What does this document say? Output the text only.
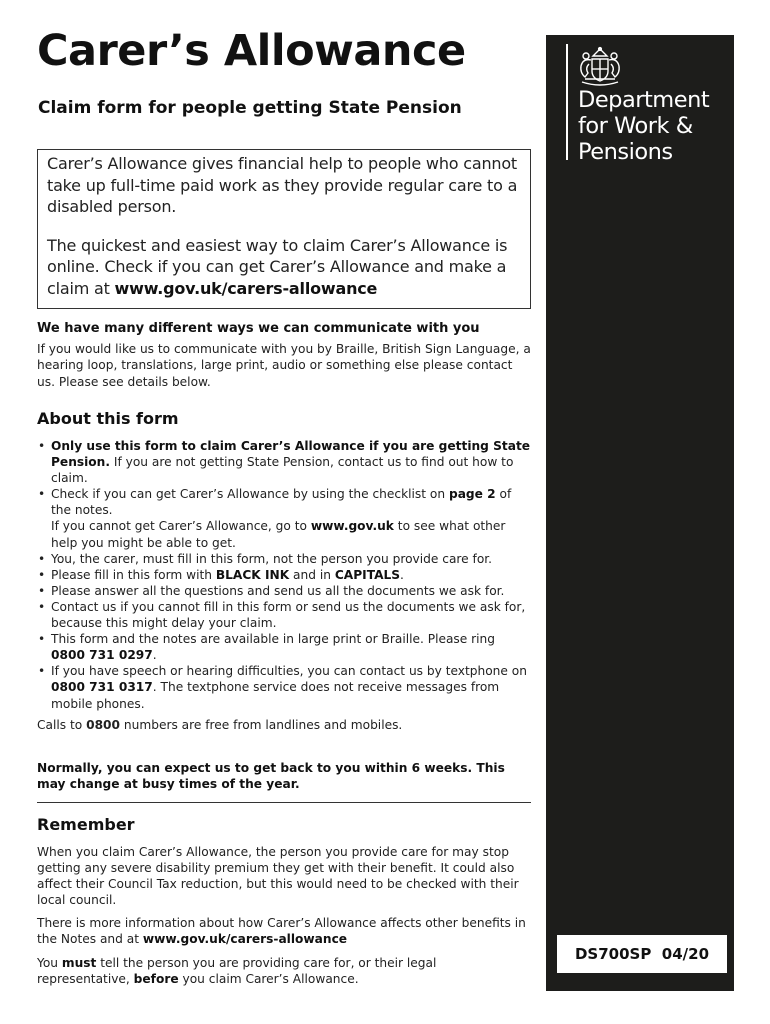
Carer’s Allowance
Claim form for people getting State Pension

Carer’s Allowance gives financial help to people who cannot take up full-time paid work as they provide regular care to a disabled person.

The quickest and easiest way to claim Carer’s Allowance is online. Check if you can get Carer’s Allowance and make a claim at www.gov.uk/carers-allowance

We have many different ways we can communicate with you

If you would like us to communicate with you by Braille, British Sign Language, a hearing loop, translations, large print, audio or something else please contact us. Please see details below.

About this form
• Only use this form to claim Carer’s Allowance if you are getting State Pension. If you are not getting State Pension, contact us to find out how to claim.
• Check if you can get Carer’s Allowance by using the checklist on page 2 of the notes.
If you cannot get Carer’s Allowance, go to www.gov.uk to see what other help you might be able to get.
• You, the carer, must fill in this form, not the person you provide care for.
• Please fill in this form with BLACK INK and in CAPITALS.
• Please answer all the questions and send us all the documents we ask for.
• Contact us if you cannot fill in this form or send us the documents we ask for, because this might delay your claim.
• This form and the notes are available in large print or Braille. Please ring 0800 731 0297.
• If you have speech or hearing difficulties, you can contact us by textphone on 0800 731 0317. The textphone service does not receive messages from mobile phones.

Calls to 0800 numbers are free from landlines and mobiles.

Normally, you can expect us to get back to you within 6 weeks. This may change at busy times of the year.

Remember

When you claim Carer’s Allowance, the person you provide care for may stop getting any severe disability premium they get with their benefit. It could also affect their Council Tax reduction, but this would need to be checked with their local council.

There is more information about how Carer’s Allowance affects other benefits in the Notes and at www.gov.uk/carers-allowance

You must tell the person you are providing care for, or their legal representative, before you claim Carer’s Allowance.

Department
for Work &
Pensions
DS700SP  04/20
